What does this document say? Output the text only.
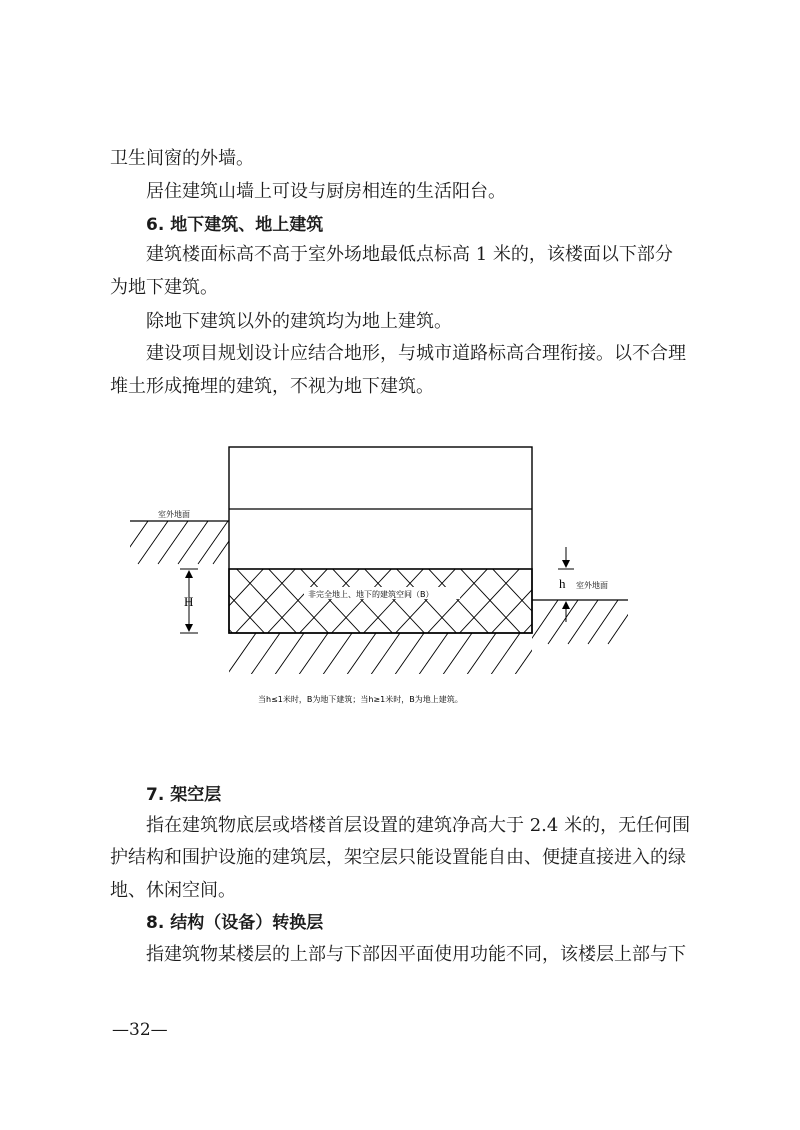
卫生间窗的外墙。
居住建筑山墙上可设与厨房相连的生活阳台。
6. 地下建筑、地上建筑
建筑楼面标高不高于室外场地最低点标高 1 米的，该楼面以下部分
为地下建筑。
除地下建筑以外的建筑均为地上建筑。
建设项目规划设计应结合地形，与城市道路标高合理衔接。以不合理
堆土形成掩埋的建筑，不视为地下建筑。
H
h
室外地面
室外地面
非完全地上、地下的建筑空间（B）
当h≤1米时，B为地下建筑；当h≥1米时，B为地上建筑。
7. 架空层
指在建筑物底层或塔楼首层设置的建筑净高大于 2.4 米的，无任何围
护结构和围护设施的建筑层，架空层只能设置能自由、便捷直接进入的绿
地、休闲空间。
8. 结构（设备）转换层
指建筑物某楼层的上部与下部因平面使用功能不同，该楼层上部与下
—32—
